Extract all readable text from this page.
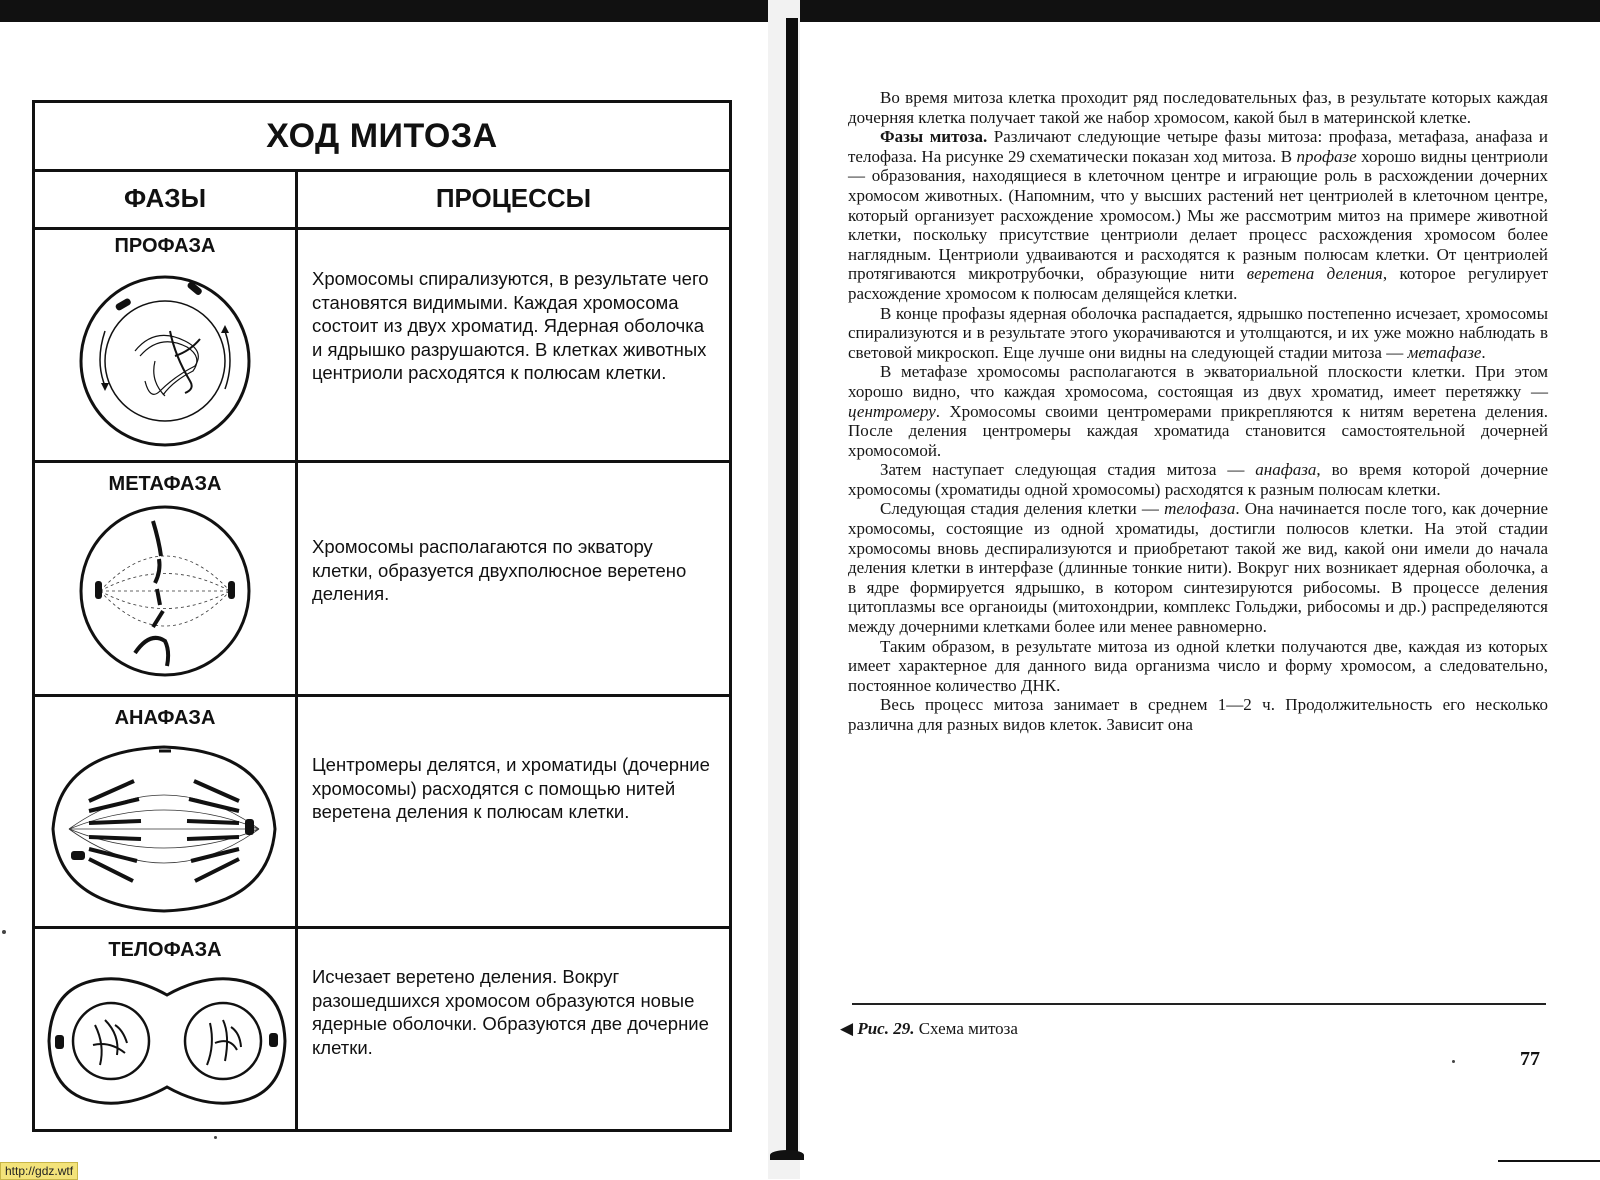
ХОД МИТОЗА
ФАЗЫ	ПРОЦЕССЫ
ПРОФАЗА
Хромосомы спирализуются, в результате чего становятся видимыми. Каждая хромосома состоит из двух хроматид. Ядерная оболочка и ядрышко разрушаются. В клетках животных центриоли расходятся к полюсам клетки.
МЕТАФАЗА
Хромосомы располагаются по экватору клетки, образуется двухполюсное веретено деления.
АНАФАЗА
Центромеры делятся, и хроматиды (дочерние хромосомы) расходятся с помощью нитей веретена деления к полюсам клетки.
ТЕЛОФАЗА
Исчезает веретено деления. Вокруг разошедшихся хромосом образуются новые ядерные оболочки. Образуются две дочерние клетки.

Во время митоза клетка проходит ряд последовательных фаз, в результате которых каждая дочерняя клетка получает такой же набор хромосом, какой был в материнской клетке.

Фазы митоза. Различают следующие четыре фазы митоза: профаза, метафаза, анафаза и телофаза. На рисунке 29 схематически показан ход митоза. В профазе хорошо видны центриоли — образования, находящиеся в клеточном центре и играющие роль в расхождении дочерних хромосом животных. (Напомним, что у высших растений нет центриолей в клеточном центре, который организует расхождение хромосом.) Мы же рассмотрим митоз на примере животной клетки, поскольку присутствие центриоли делает процесс расхождения хромосом более наглядным. Центриоли удваиваются и расходятся к разным полюсам клетки. От центриолей протягиваются микротрубочки, образующие нити веретена деления, которое регулирует расхождение хромосом к полюсам делящейся клетки.

В конце профазы ядерная оболочка распадается, ядрышко постепенно исчезает, хромосомы спирализуются и в результате этого укорачиваются и утолщаются, и их уже можно наблюдать в световой микроскоп. Еще лучше они видны на следующей стадии митоза — метафазе.

В метафазе хромосомы располагаются в экваториальной плоскости клетки. При этом хорошо видно, что каждая хромосома, состоящая из двух хроматид, имеет перетяжку — центромеру. Хромосомы своими центромерами прикрепляются к нитям веретена деления. После деления центромеры каждая хроматида становится самостоятельной дочерней хромосомой.

Затем наступает следующая стадия митоза — анафаза, во время которой дочерние хромосомы (хроматиды одной хромосомы) расходятся к разным полюсам клетки.

Следующая стадия деления клетки — телофаза. Она начинается после того, как дочерние хромосомы, состоящие из одной хроматиды, достигли полюсов клетки. На этой стадии хромосомы вновь деспирализуются и приобретают такой же вид, какой они имели до начала деления клетки в интерфазе (длинные тонкие нити). Вокруг них возникает ядерная оболочка, а в ядре формируется ядрышко, в котором синтезируются рибосомы. В процессе деления цитоплазмы все органоиды (митохондрии, комплекс Гольджи, рибосомы и др.) распределяются между дочерними клетками более или менее равномерно.

Таким образом, в результате митоза из одной клетки получаются две, каждая из которых имеет характерное для данного вида организма число и форму хромосом, а следовательно, постоянное количество ДНК.

Весь процесс митоза занимает в среднем 1—2 ч. Продолжительность его несколько различна для разных видов клеток. Зависит она

◀ Рис. 29. Схема митоза
77
http://gdz.wtf
